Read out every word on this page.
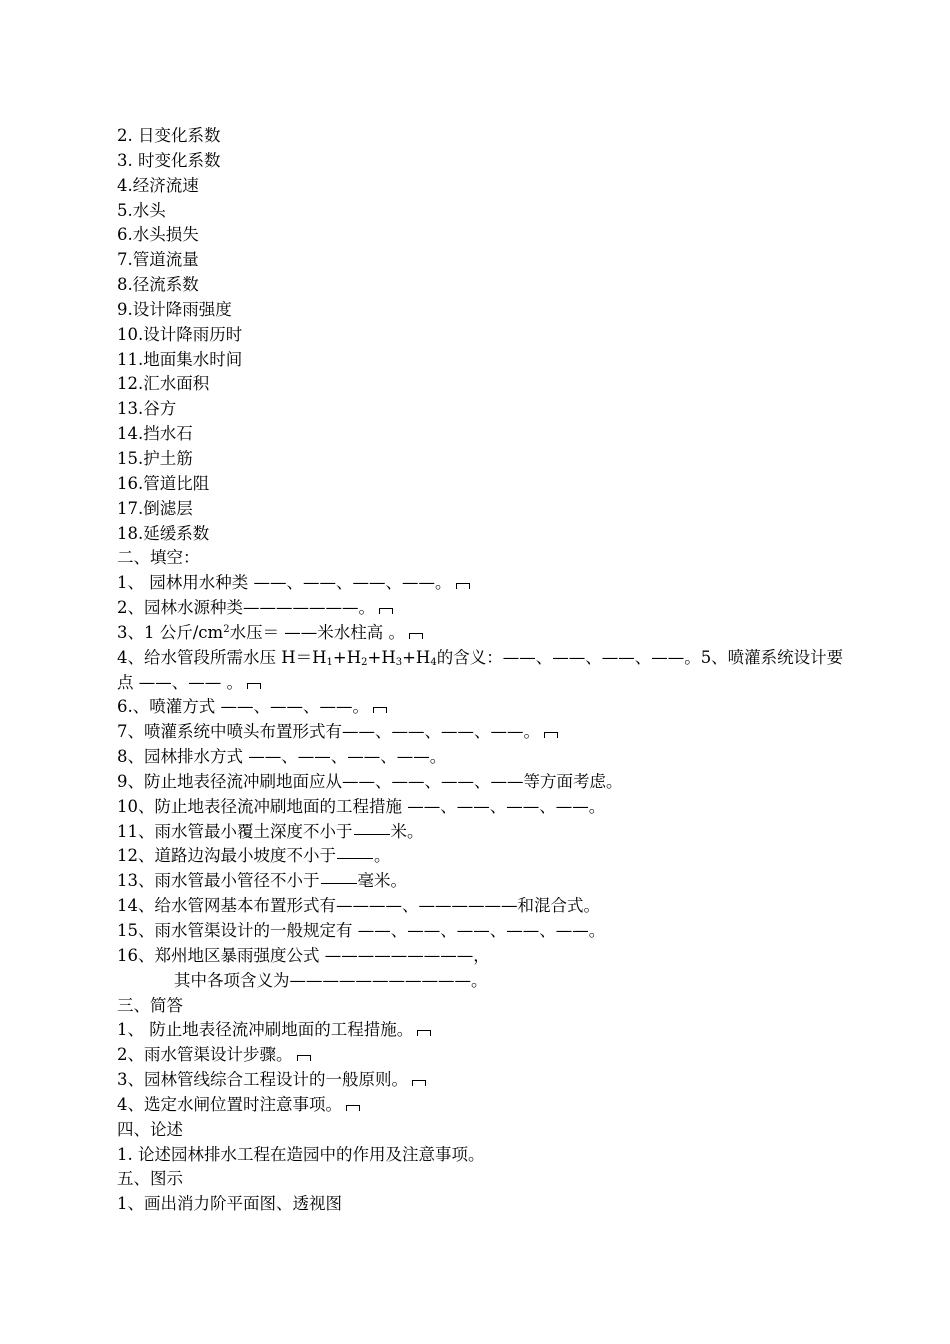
2. 日变化系数
3. 时变化系数
4.经济流速
5.水头
6.水头损失
7.管道流量
8.径流系数
9.设计降雨强度
10.设计降雨历时
11.地面集水时间
12.汇水面积
13.谷方
14.挡水石
15.护土筋
16.管道比阻
17.倒滤层
18.延缓系数
二、填空：
1、 园林用水种类 ——、——、——、——。
2、园林水源种类———————。
3、1 公斤$/cm^2$水压＝ ——米水柱高 。
4、给水管段所需水压 $H=H_1+H_2+H_3+H_4$的含义：——、——、——、——。5、喷灌系统设计要
点 ——、—— 。
6.、喷灌方式 ——、——、——。
7、喷灌系统中喷头布置形式有——、——、——、——。
8、园林排水方式 ——、——、——、——。
9、防止地表径流冲刷地面应从——、——、——、——等方面考虑。
10、防止地表径流冲刷地面的工程措施 ——、——、——、——。
11、雨水管最小覆土深度不小于 米。
12、道路边沟最小坡度不小于 。
13、雨水管最小管径不小于 毫米。
14、给水管网基本布置形式有————、——————和混合式。
15、雨水管渠设计的一般规定有 ——、——、——、——、——。
16、郑州地区暴雨强度公式 —————————，
其中各项含义为———————————。
三、简答
1、 防止地表径流冲刷地面的工程措施。
2、雨水管渠设计步骤。
3、园林管线综合工程设计的一般原则。
4、选定水闸位置时注意事项。
四、论述
1. 论述园林排水工程在造园中的作用及注意事项。
五、图示
1、画出消力阶平面图、透视图
